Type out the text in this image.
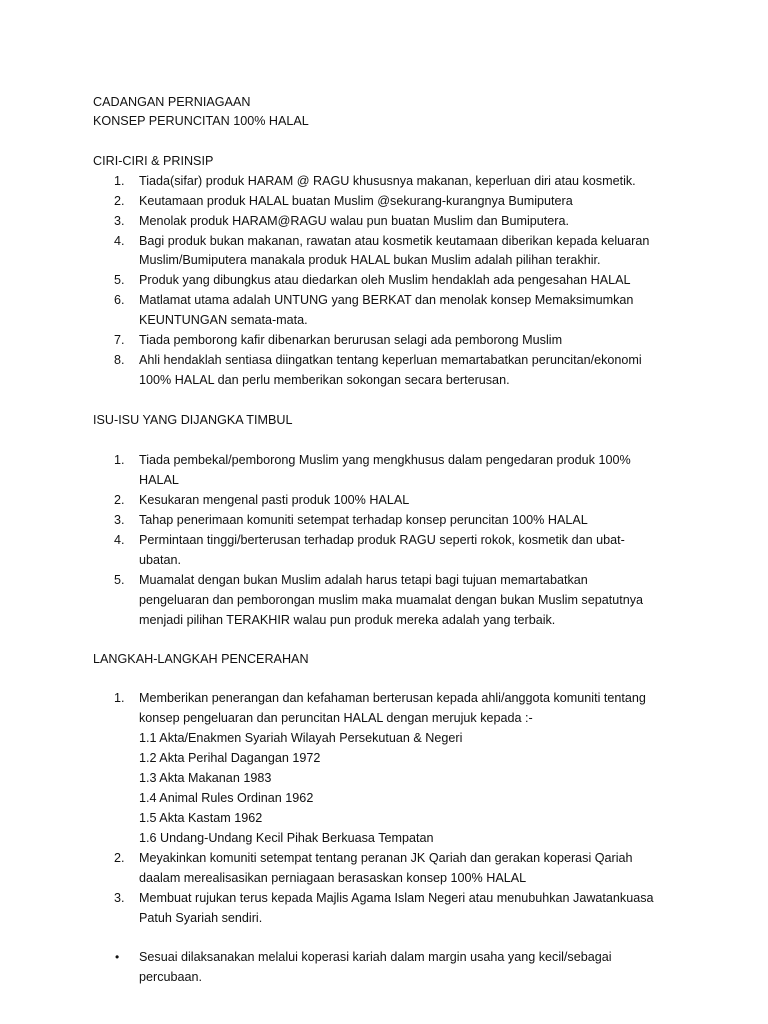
CADANGAN PERNIAGAAN
KONSEP PERUNCITAN 100% HALAL
CIRI-CIRI & PRINSIP
1. Tiada(sifar) produk HARAM @ RAGU khususnya makanan, keperluan diri atau kosmetik.
2. Keutamaan produk HALAL buatan Muslim @sekurang-kurangnya Bumiputera
3. Menolak produk HARAM@RAGU walau pun buatan Muslim dan Bumiputera.
4. Bagi produk bukan makanan, rawatan atau kosmetik keutamaan diberikan kepada keluaran
Muslim/Bumiputera manakala produk HALAL bukan Muslim adalah pilihan terakhir.
5. Produk yang dibungkus atau diedarkan oleh Muslim hendaklah ada pengesahan HALAL
6. Matlamat utama adalah UNTUNG yang BERKAT dan menolak konsep Memaksimumkan
KEUNTUNGAN semata-mata.
7. Tiada pemborong kafir dibenarkan berurusan selagi ada pemborong Muslim
8. Ahli hendaklah sentiasa diingatkan tentang keperluan memartabatkan peruncitan/ekonomi
100% HALAL dan perlu memberikan sokongan secara berterusan.
ISU-ISU YANG DIJANGKA TIMBUL
1. Tiada pembekal/pemborong Muslim yang mengkhusus dalam pengedaran produk 100%
HALAL
2. Kesukaran mengenal pasti produk 100% HALAL
3. Tahap penerimaan komuniti setempat terhadap konsep peruncitan 100% HALAL
4. Permintaan tinggi/berterusan terhadap produk RAGU seperti rokok, kosmetik dan ubat-
ubatan.
5. Muamalat dengan bukan Muslim adalah harus tetapi bagi tujuan memartabatkan
pengeluaran dan pemborongan muslim maka muamalat dengan bukan Muslim sepatutnya
menjadi pilihan TERAKHIR walau pun produk mereka adalah yang terbaik.
LANGKAH-LANGKAH PENCERAHAN
1. Memberikan penerangan dan kefahaman berterusan kepada ahli/anggota komuniti tentang
konsep pengeluaran dan peruncitan HALAL dengan merujuk kepada :-
1.1 Akta/Enakmen Syariah Wilayah Persekutuan & Negeri
1.2 Akta Perihal Dagangan 1972
1.3 Akta Makanan 1983
1.4 Animal Rules Ordinan 1962
1.5 Akta Kastam 1962
1.6 Undang-Undang Kecil Pihak Berkuasa Tempatan
2. Meyakinkan komuniti setempat tentang peranan JK Qariah dan gerakan koperasi Qariah
daalam merealisasikan perniagaan berasaskan konsep 100% HALAL
3. Membuat rujukan terus kepada Majlis Agama Islam Negeri atau menubuhkan Jawatankuasa
Patuh Syariah sendiri.
• Sesuai dilaksanakan melalui koperasi kariah dalam margin usaha yang kecil/sebagai
percubaan.
